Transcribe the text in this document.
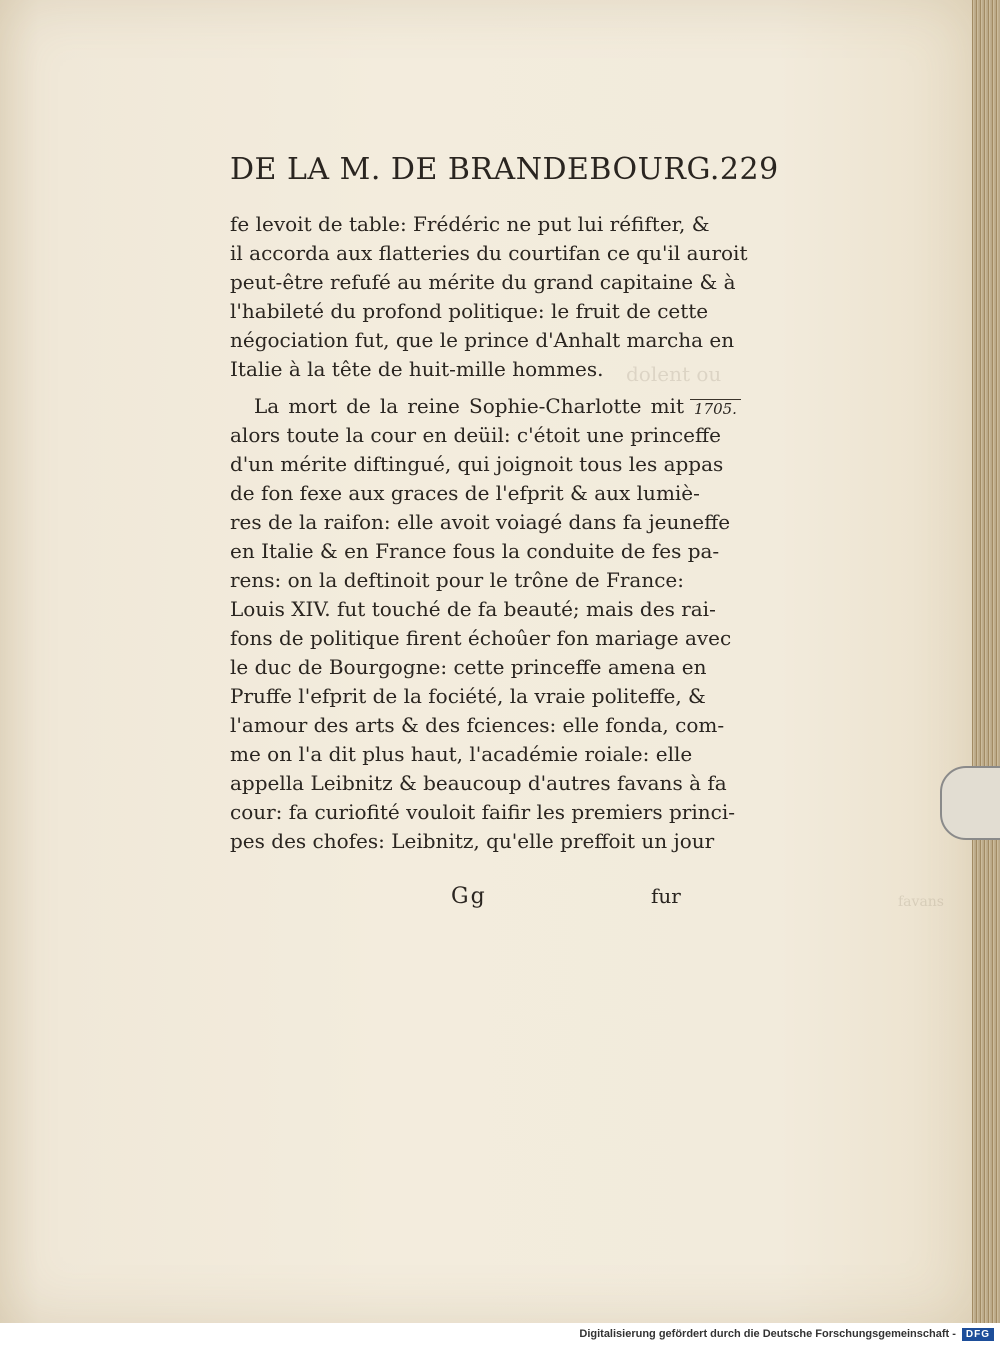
dolent ou
favans
DE LA M. DE BRANDEBOURG. 229
fe levoit de table: Frédéric ne put lui réfifter, &
il accorda aux flatteries du courtifan ce qu'il auroit
peut-être refufé au mérite du grand capitaine & à
l'habileté du profond politique: le fruit de cette
négociation fut, que le prince d'Anhalt marcha en
Italie à la tête de huit-mille hommes.
La mort de la reine Sophie-Charlotte mit
alors toute la cour en deüil: c'étoit une princeffe
d'un mérite diftingué, qui joignoit tous les appas
de fon fexe aux graces de l'efprit & aux lumiè-
res de la raifon: elle avoit voiagé dans fa jeuneffe
en Italie & en France fous la conduite de fes pa-
rens: on la deftinoit pour le trône de France:
Louis XIV. fut touché de fa beauté; mais des rai-
fons de politique firent échoûer fon mariage avec
le duc de Bourgogne: cette princeffe amena en
Pruffe l'efprit de la fociété, la vraie politeffe, &
l'amour des arts & des fciences: elle fonda, com-
me on l'a dit plus haut, l'académie roiale: elle
appella Leibnitz & beaucoup d'autres favans à fa
cour: fa curiofité vouloit faifir les premiers princi-
pes des chofes: Leibnitz, qu'elle preffoit un jour
1705.
Gg	fur
Digitalisierung gefördert durch die Deutsche Forschungsgemeinschaft -	DFG
